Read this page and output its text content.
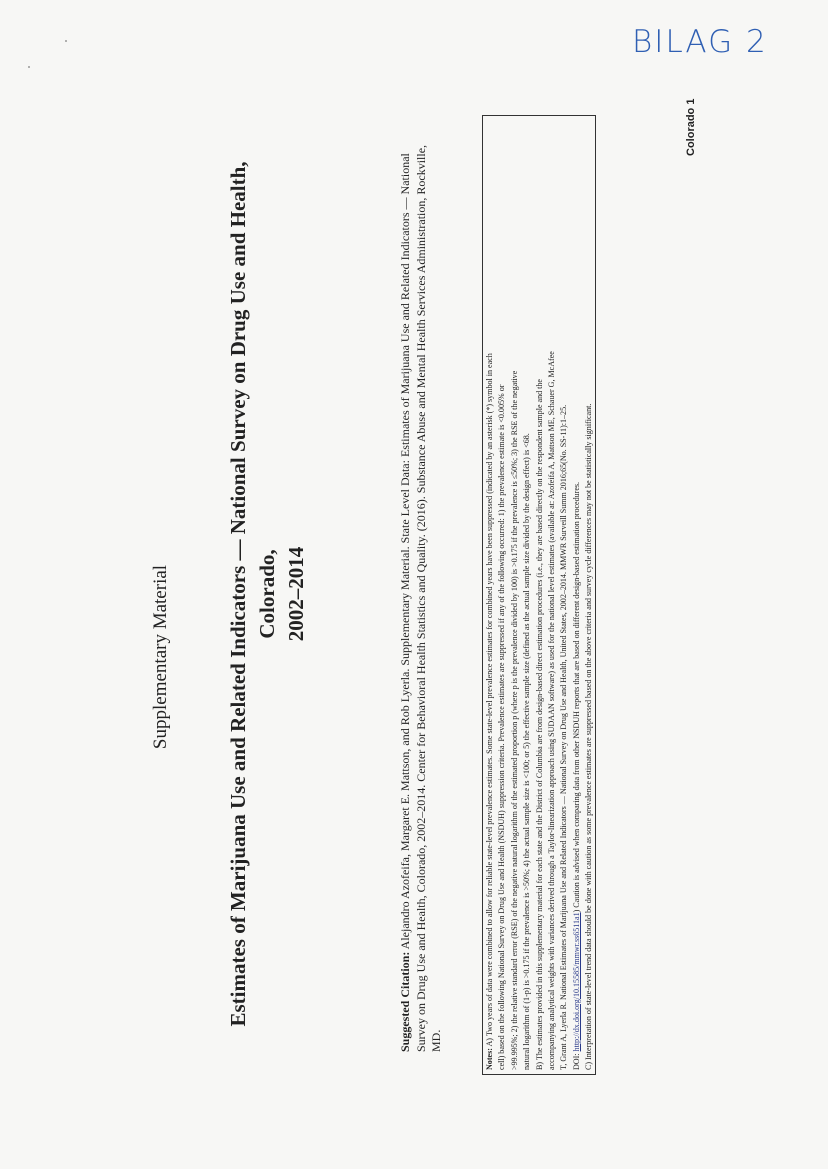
BILAG 2
Colorado 1
Supplementary Material	Estimates of Marijuana Use and Related Indicators — National Survey on Drug Use and Health, Colorado, 2002–2014
Suggested Citation: Alejandro Azofeifa, Margaret E. Mattson, and Rob Lyerla. Supplementary Material. State Level Data: Estimates of Marijuana Use and Related Indicators — National Survey on Drug Use and Health, Colorado, 2002–2014. Center for Behavioral Health Statistics and Quality. (2016). Substance Abuse and Mental Health Services Administration, Rockville, MD.

Notes: A) Two years of data were combined to allow for reliable state-level prevalence estimates. Some state-level prevalence estimates for combined years have been suppressed (indicated by an asterisk (*) symbol in each cell) based on the following National Survey on Drug Use and Health (NSDUH) suppression criteria. Prevalence estimates are suppressed if any of the following occurred: 1) the prevalence estimate is <0.005% or >99.995%; 2) the relative standard error (RSE) of the negative natural logarithm of the estimated proportion p (where p is the prevalence divided by 100) is >0.175 if the prevalence is ≤50%; 3) the RSE of the negative natural logarithm of (1-p) is >0.175 if the prevalence is >50%; 4) the actual sample size is <100; or 5) the effective sample size (defined as the actual sample size divided by the design effect) is <68. B) The estimates provided in this supplementary material for each state and the District of Columbia are from design-based direct estimation procedures (i.e., they are based directly on the respondent sample and the accompanying analytical weights with variances derived through a Taylor-linearization approach using SUDAAN software) as used for the national level estimates (available at: Azofeifa A, Mattson ME, Schauer G, McAfee T, Grant A, Lyerla R. National Estimates of Marijuana Use and Related Indicators — National Survey on Drug Use and Health, United States, 2002–2014. MMWR Surveill Summ 2016;65(No. SS-11):1–25. DOI: http://dx.doi.org/10.15585/mmwr.ss6511a1) Caution is advised when comparing data from other NSDUH reports that are based on different design-based estimation procedures. C) Interpretation of state-level trend data should be done with caution as some prevalence estimates are suppressed based on the above criteria and survey cycle differences may not be statistically significant.
